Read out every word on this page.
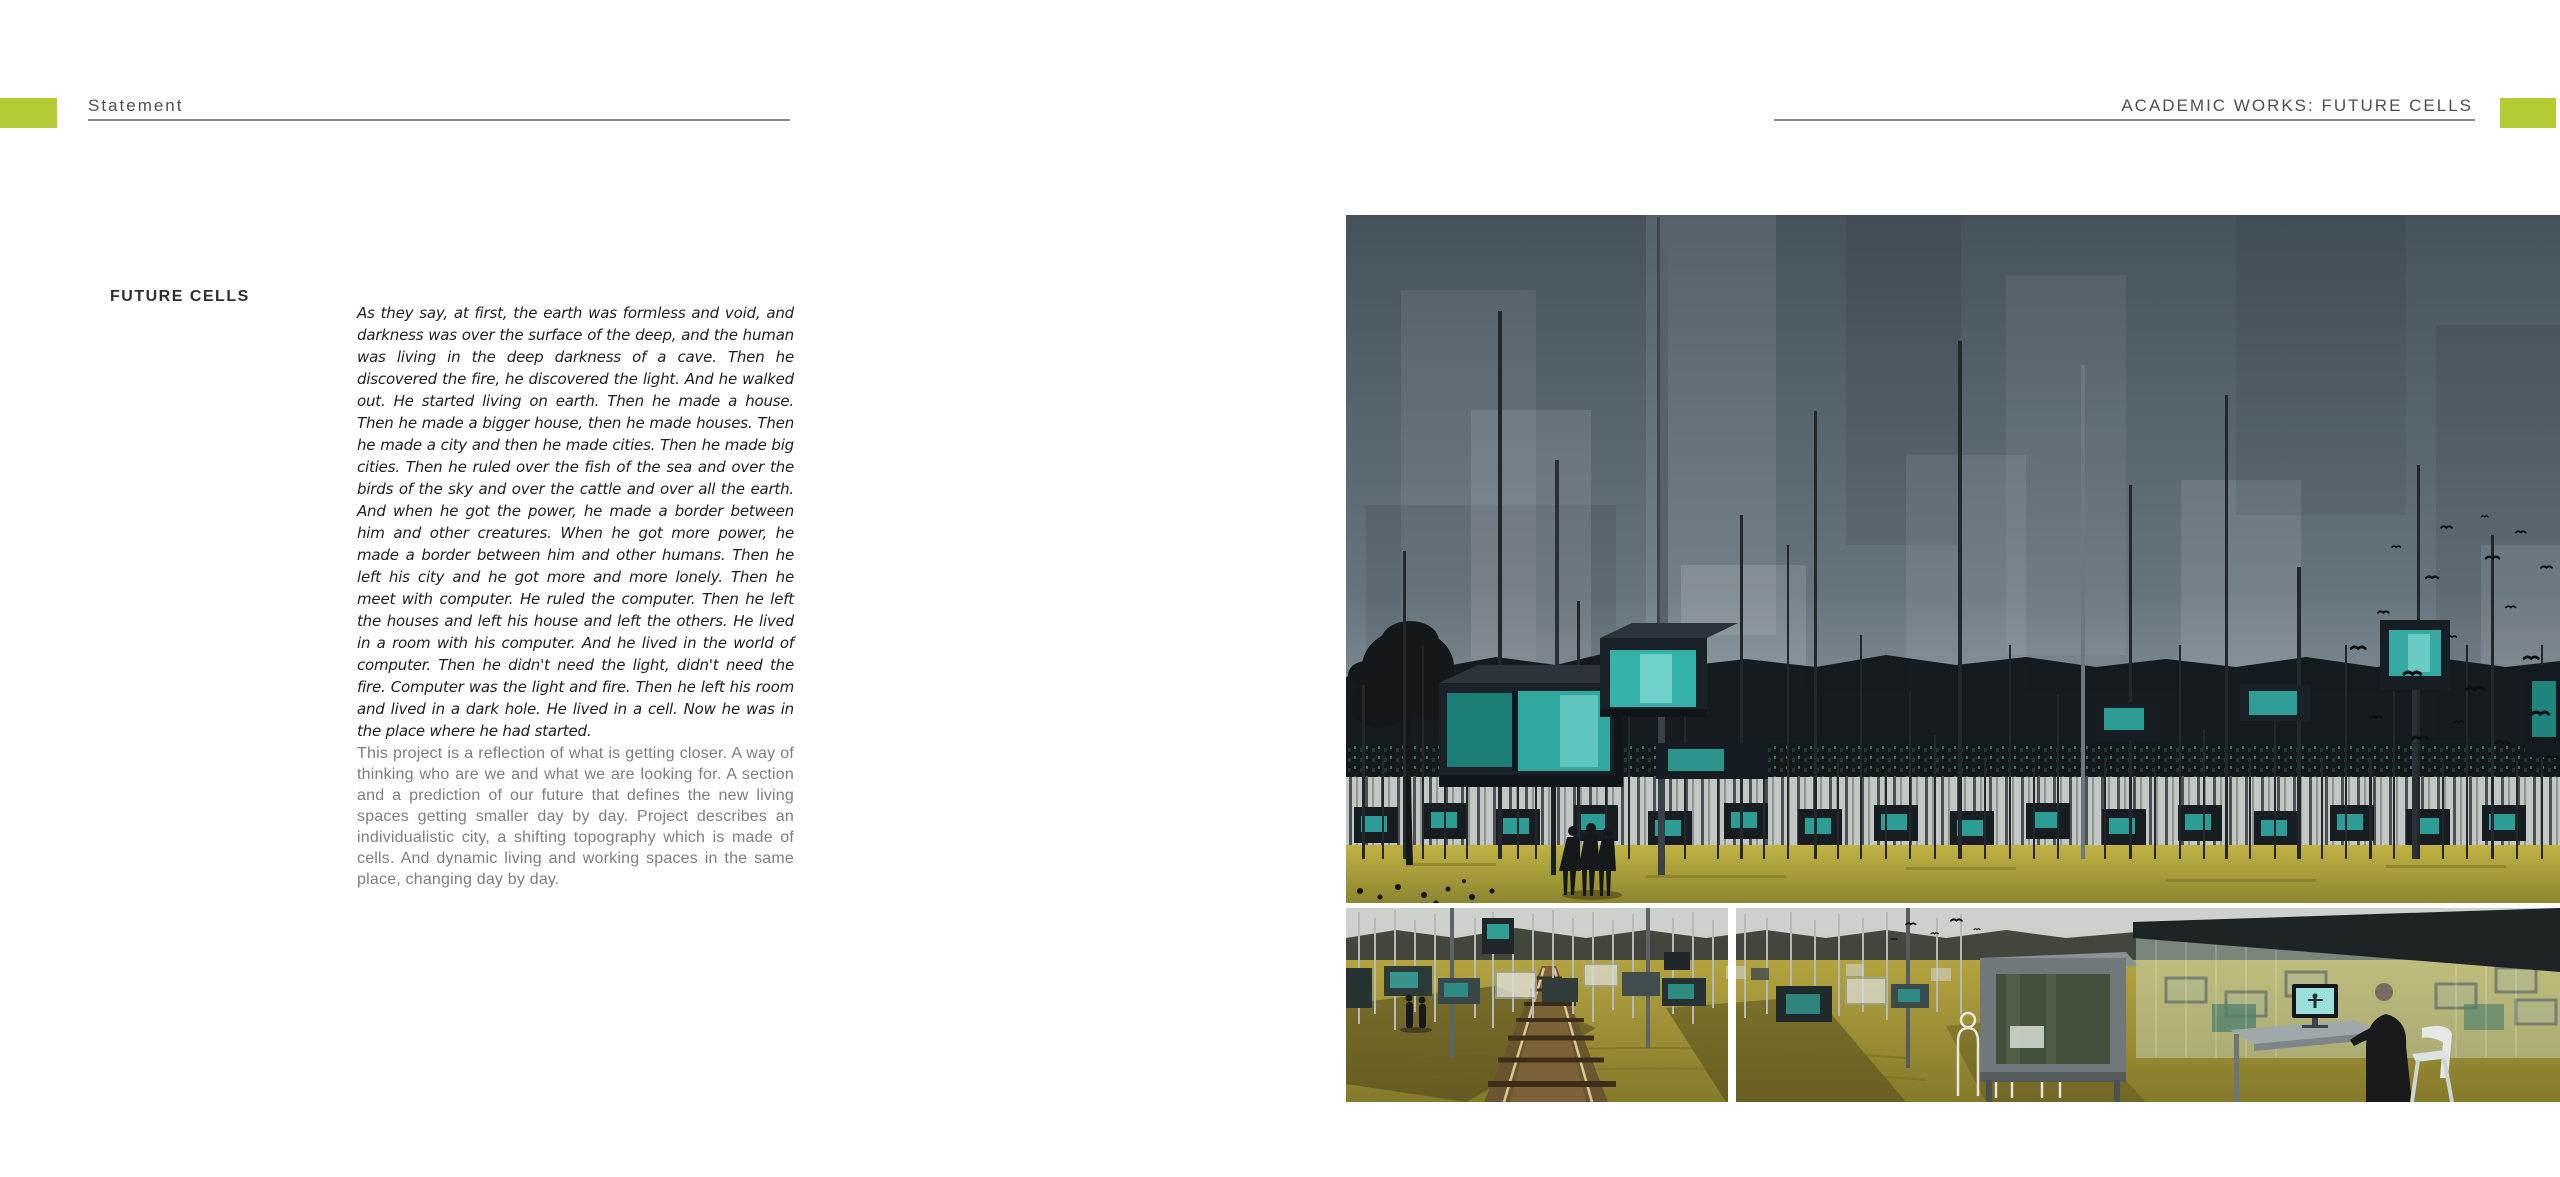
Statement	ACADEMIC WORKS: FUTURE CELLS
FUTURE CELLS

As they say, at first, the earth was formless and void, and darkness was over the surface of the deep, and the human was living in the deep darkness of a cave. Then he discovered the fire, he discovered the light. And he walked out. He started living on earth. Then he made a house. Then he made a bigger house, then he made houses. Then he made a city and then he made cities. Then he made big cities. Then he ruled over the fish of the sea and over the birds of the sky and over the cattle and over all the earth. And when he got the power, he made a border between him and other creatures. When he got more power, he made a border between him and other humans. Then he left his city and he got more and more lonely. Then he meet with computer. He ruled the computer. Then he left the houses and left his house and left the others. He lived in a room with his computer. And he lived in the world of computer. Then he didn't need the light, didn't need the fire. Computer was the light and fire. Then he left his room and lived in a dark hole. He lived in a cell. Now he was in the place where he had started.

This project is a reflection of what is getting closer. A way of thinking who are we and what we are looking for. A section and a prediction of our future that defines the new living spaces getting smaller day by day. Project describes an individualistic city, a shifting topography which is made of cells. And dynamic living and working spaces in the same place, changing day by day.
